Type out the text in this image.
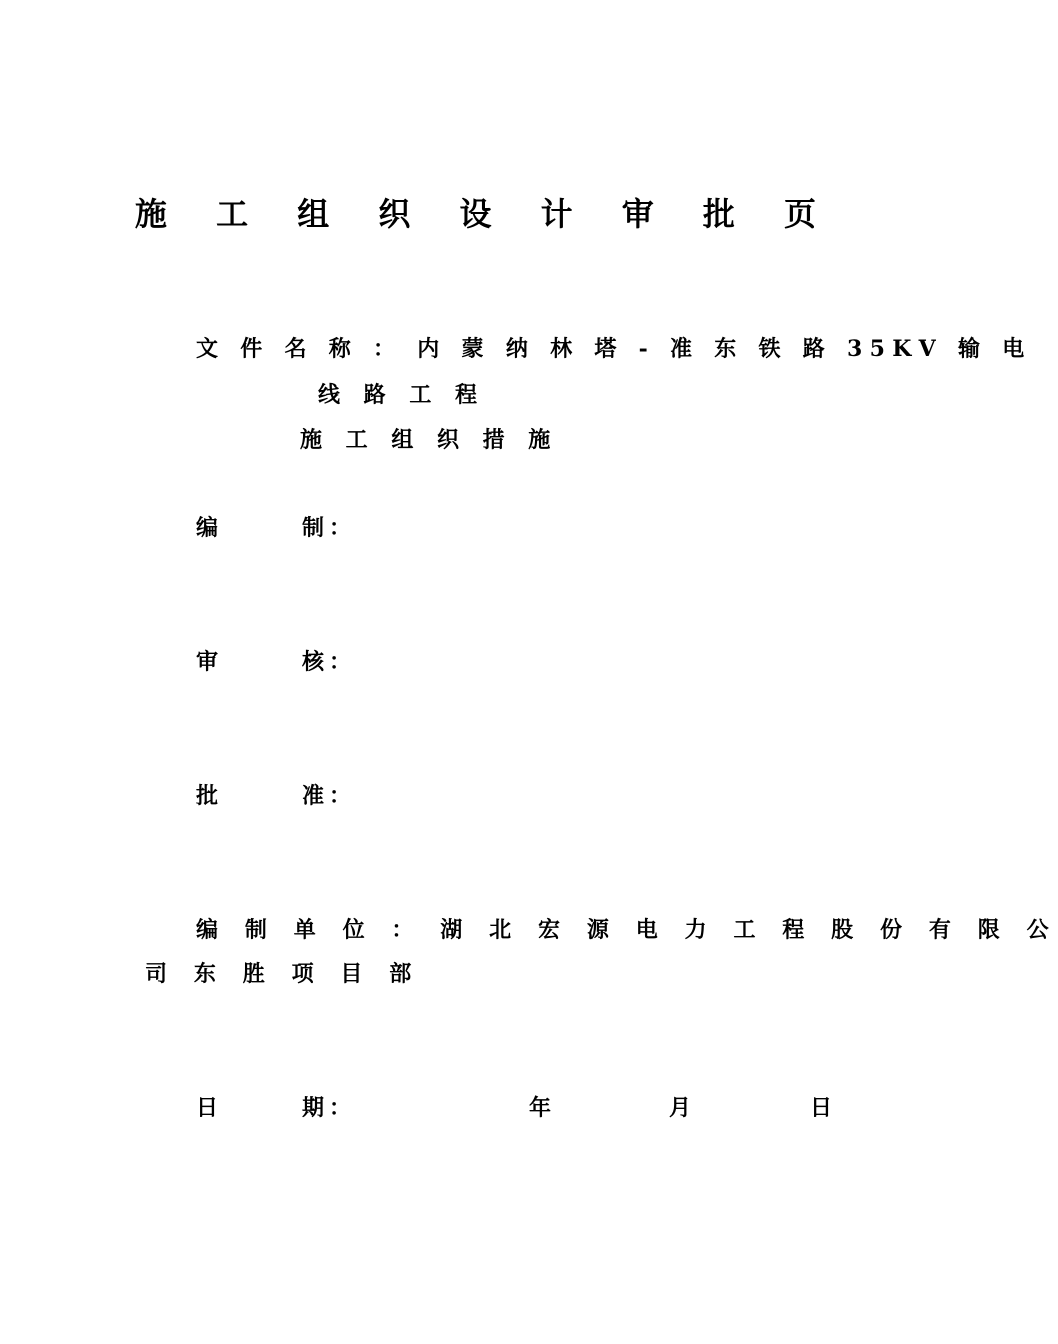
施 工 组 织 设 计 审 批 页
文 件 名 称 ： 内 蒙 纳 林 塔 - 准 东 铁 路 35KV 输 电
线 路 工 程
施 工 组 织 措 施
编	制 ：
审	核 ：
批	准 ：
编 制 单 位 ： 湖 北 宏 源 电 力 工 程 股 份 有 限 公
司 东 胜 项 目 部
日	期 ：	年	月	日
